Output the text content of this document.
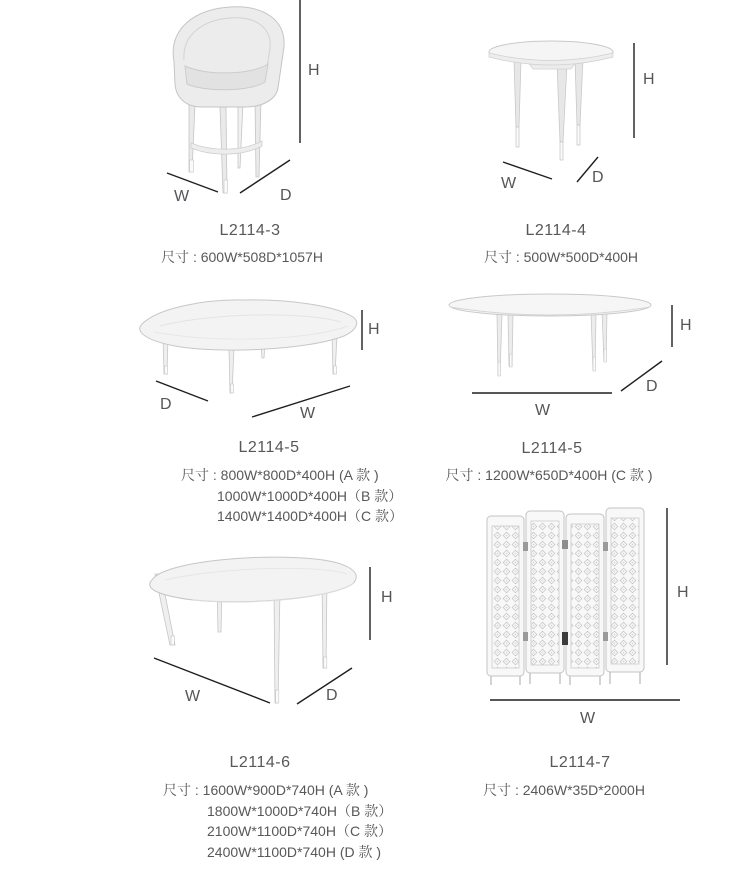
H
W	D
L2114-3
尺寸 : 600W*508D*1057H
H
W	D
L2114-4
尺寸 : 500W*500D*400H
H
D
W
L2114-5
尺寸 : 800W*800D*400H (A 款 )
1000W*1000D*400H（B 款）
1400W*1400D*400H（C 款）
H
W
D
L2114-5
尺寸 : 1200W*650D*400H (C 款 )
H
W	D
L2114-6
尺寸 : 1600W*900D*740H (A 款 )
1800W*1000D*740H（B 款）
2100W*1100D*740H（C 款）
2400W*1100D*740H (D 款 )
H
W
L2114-7
尺寸 : 2406W*35D*2000H
